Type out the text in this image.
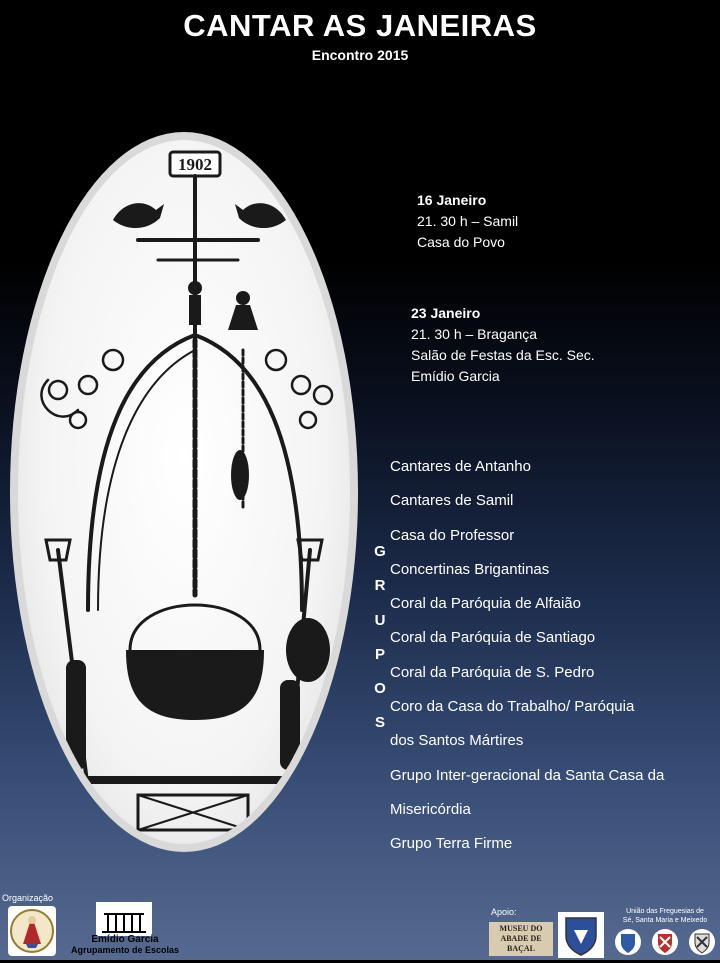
CANTAR AS JANEIRAS
Encontro 2015
1902
16 Janeiro
21. 30 h – Samil
Casa do Povo
23 Janeiro
21. 30 h – Bragança
Salão de Festas da Esc. Sec.
Emídio Garcia
G
R
U
P
O
S
Cantares de Antanho
Cantares de Samil
Casa do Professor
Concertinas Brigantinas
Coral da Paróquia de Alfaião
Coral da Paróquia de Santiago
Coral da Paróquia de S. Pedro
Coro da Casa do Trabalho/ Paróquia
dos Santos Mártires
Grupo Inter-geracional da Santa Casa da
Misericórdia
Grupo Terra Firme
Organização
Emídio Garcia
Agrupamento de Escolas
Apoio:
MUSEU DO ABADE DE BAÇAL
União das Freguesias de
Sé, Santa Maria e Meixedo
